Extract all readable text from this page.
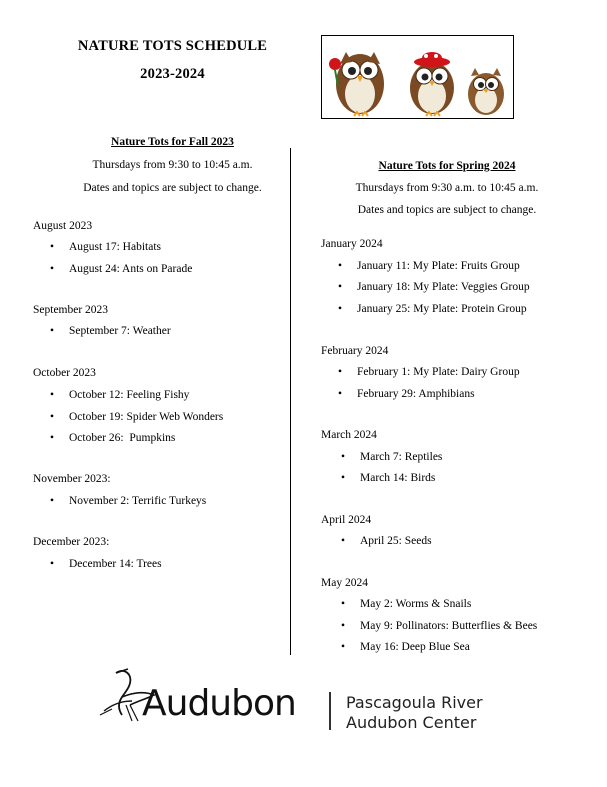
NATURE TOTS SCHEDULE
2023-2024
Nature Tots for Fall 2023
Thursdays from 9:30 to 10:45 a.m.
Dates and topics are subject to change.
August 2023
• August 17: Habitats
• August 24: Ants on Parade
September 2023
• September 7: Weather
October 2023
• October 12: Feeling Fishy
• October 19: Spider Web Wonders
• October 26:  Pumpkins
November 2023:
• November 2: Terrific Turkeys
December 2023:
• December 14: Trees
Nature Tots for Spring 2024
Thursdays from 9:30 a.m. to 10:45 a.m.
Dates and topics are subject to change.
January 2024
• January 11: My Plate: Fruits Group
• January 18: My Plate: Veggies Group
• January 25: My Plate: Protein Group
February 2024
• February 1: My Plate: Dairy Group
• February 29: Amphibians
March 2024
• March 7: Reptiles
• March 14: Birds
April 2024
• April 25: Seeds
May 2024
• May 2: Worms & Snails
• May 9: Pollinators: Butterflies & Bees
• May 16: Deep Blue Sea
Audubon	Pascagoula River
Audubon Center
